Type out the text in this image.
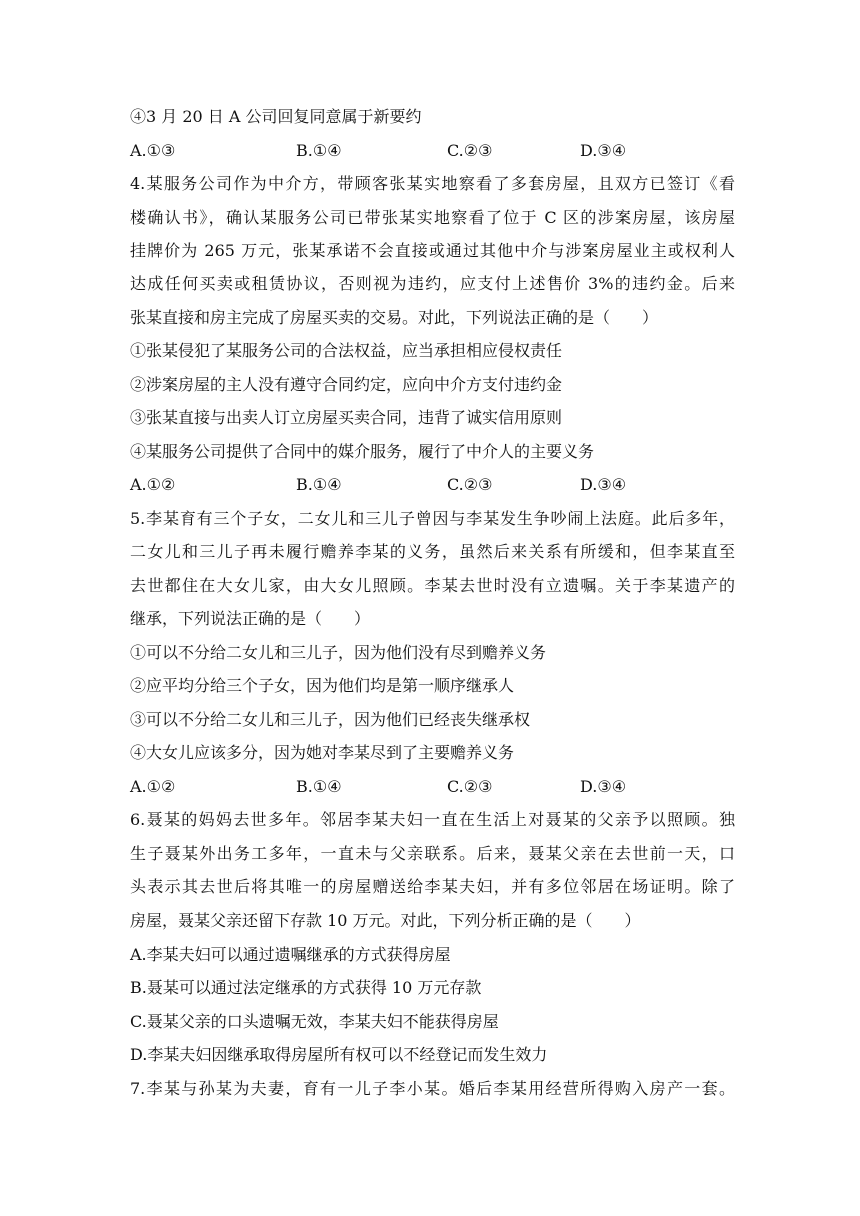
④3 月 20 日 A 公司回复同意属于新要约
A.①③	B.①④	C.②③	D.③④
4.某服务公司作为中介方，带顾客张某实地察看了多套房屋，且双方已签订《看
楼确认书》，确认某服务公司已带张某实地察看了位于 C 区的涉案房屋，该房屋
挂牌价为 265 万元，张某承诺不会直接或通过其他中介与涉案房屋业主或权利人
达成任何买卖或租赁协议，否则视为违约，应支付上述售价 3%的违约金。后来
张某直接和房主完成了房屋买卖的交易。对此，下列说法正确的是（　　）
①张某侵犯了某服务公司的合法权益，应当承担相应侵权责任
②涉案房屋的主人没有遵守合同约定，应向中介方支付违约金
③张某直接与出卖人订立房屋买卖合同，违背了诚实信用原则
④某服务公司提供了合同中的媒介服务，履行了中介人的主要义务
A.①②	B.①④	C.②③	D.③④
5.李某育有三个子女，二女儿和三儿子曾因与李某发生争吵闹上法庭。此后多年，
二女儿和三儿子再未履行赡养李某的义务，虽然后来关系有所缓和，但李某直至
去世都住在大女儿家，由大女儿照顾。李某去世时没有立遗嘱。关于李某遗产的
继承，下列说法正确的是（　　）
①可以不分给二女儿和三儿子，因为他们没有尽到赡养义务
②应平均分给三个子女，因为他们均是第一顺序继承人
③可以不分给二女儿和三儿子，因为他们已经丧失继承权
④大女儿应该多分，因为她对李某尽到了主要赡养义务
A.①②	B.①④	C.②③	D.③④
6.聂某的妈妈去世多年。邻居李某夫妇一直在生活上对聂某的父亲予以照顾。独
生子聂某外出务工多年，一直未与父亲联系。后来，聂某父亲在去世前一天，口
头表示其去世后将其唯一的房屋赠送给李某夫妇，并有多位邻居在场证明。除了
房屋，聂某父亲还留下存款 10 万元。对此，下列分析正确的是（　　）
A.李某夫妇可以通过遗嘱继承的方式获得房屋
B.聂某可以通过法定继承的方式获得 10 万元存款
C.聂某父亲的口头遗嘱无效，李某夫妇不能获得房屋
D.李某夫妇因继承取得房屋所有权可以不经登记而发生效力
7.李某与孙某为夫妻，育有一儿子李小某。婚后李某用经营所得购入房产一套。
